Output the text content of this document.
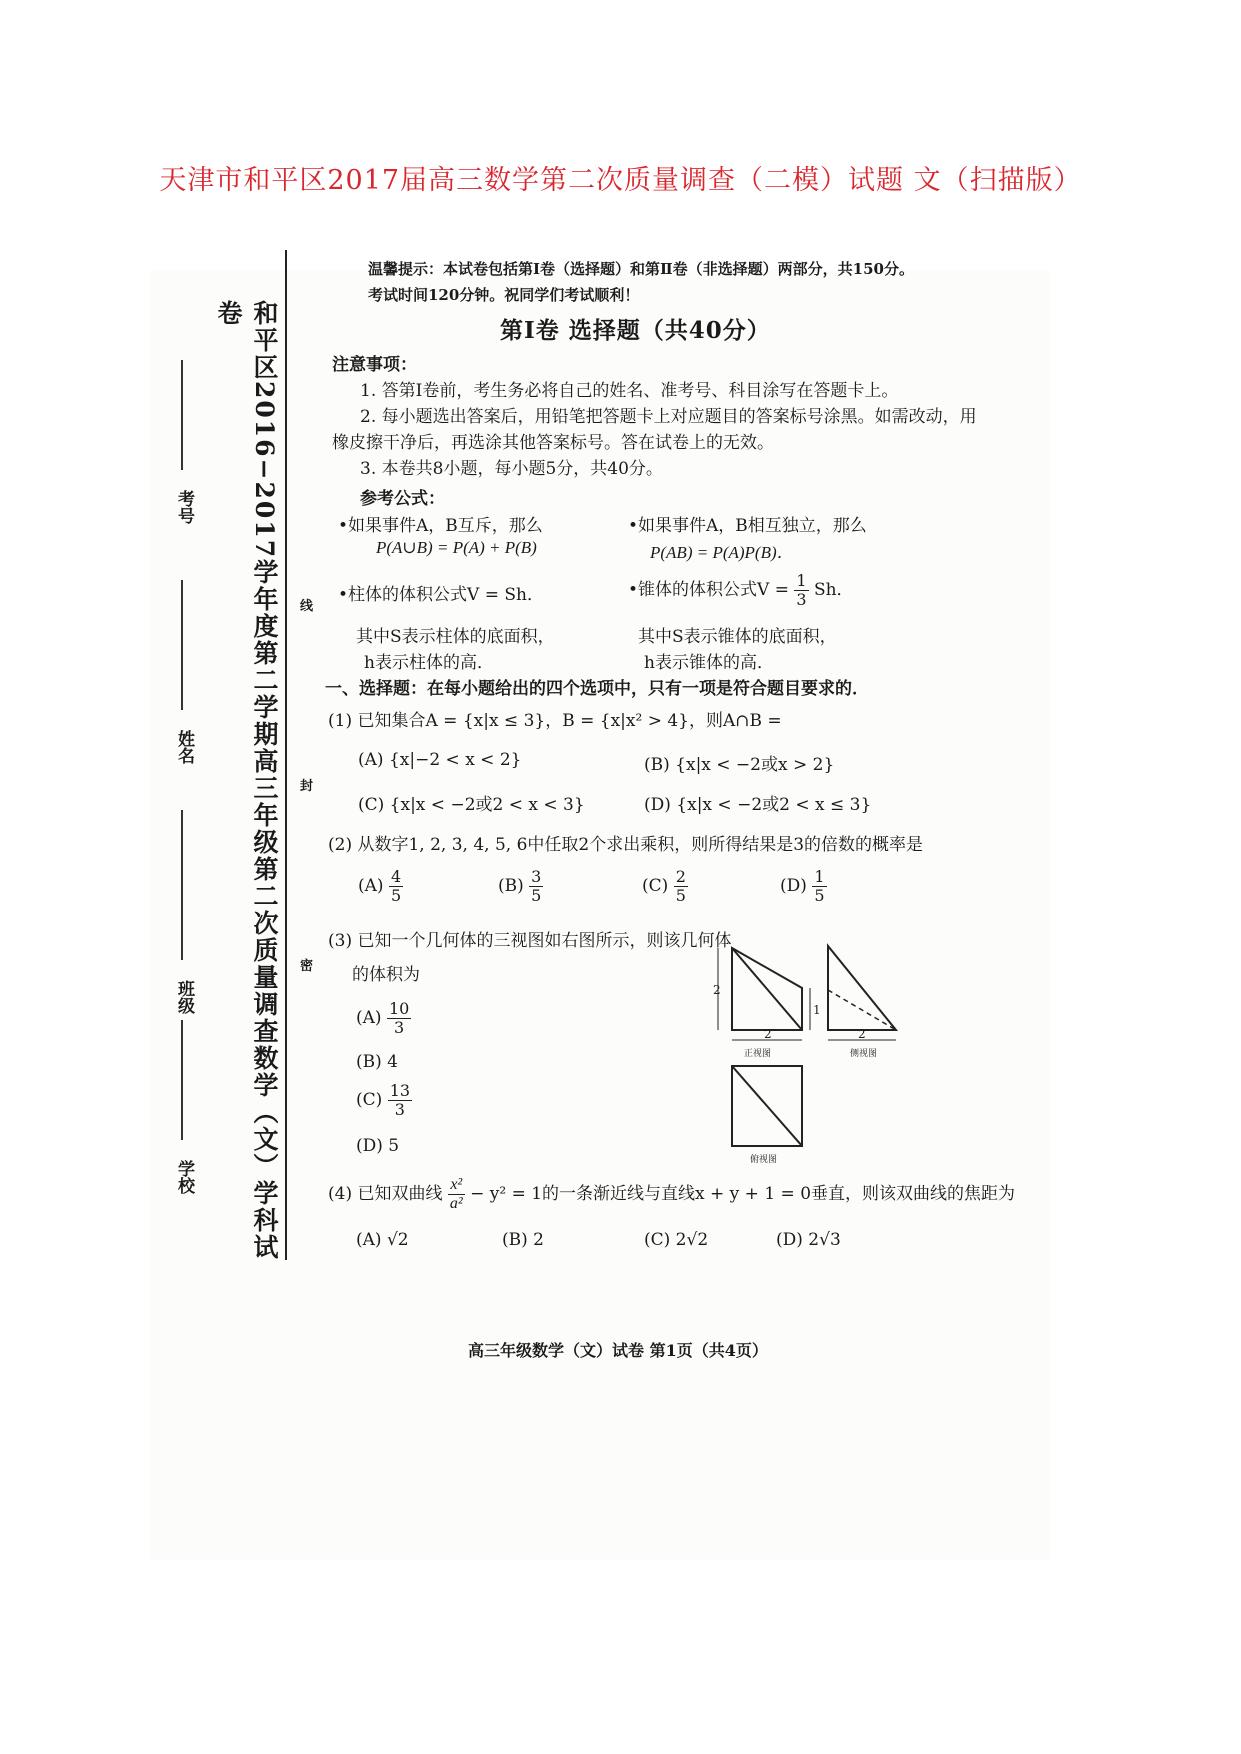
天津市和平区2017届高三数学第二次质量调查（二模）试题 文（扫描版）
和平区2016−2017学年度第二学期高三年级第二次质量调查数学（文）学科试卷
考号
姓名
班级
学校
线
封
密
温馨提示：本试卷包括第Ⅰ卷（选择题）和第Ⅱ卷（非选择题）两部分，共150分。
考试时间120分钟。祝同学们考试顺利！
第Ⅰ卷 选择题（共40分）
注意事项：
1. 答第Ⅰ卷前，考生务必将自己的姓名、准考号、科目涂写在答题卡上。
2. 每小题选出答案后，用铅笔把答题卡上对应题目的答案标号涂黑。如需改动，用
橡皮擦干净后，再选涂其他答案标号。答在试卷上的无效。
3. 本卷共8小题，每小题5分，共40分。
参考公式：
•如果事件A，B互斥，那么
P(A∪B) = P(A) + P(B)
•如果事件A，B相互独立，那么
P(AB) = P(A)P(B)．
•柱体的体积公式V = Sh．	•锥体的体积公式$V = \frac{1}{3}$ Sh．
其中S表示柱体的底面积，
h表示柱体的高．
其中S表示锥体的底面积，
h表示锥体的高．
一、选择题：在每小题给出的四个选项中，只有一项是符合题目要求的．
(1) 已知集合A = {x|x ≤ 3}，B = {x|x² > 4}，则A∩B =
(A) {x|−2 < x < 2}	(B) {x|x < −2或x > 2}
(C) {x|x < −2或2 < x < 3}	(D) {x|x < −2或2 < x ≤ 3}
(2) 从数字1, 2, 3, 4, 5, 6中任取2个求出乘积，则所得结果是3的倍数的概率是
$(A) \frac{4}{5}$	$(B) \frac{3}{5}$	$(C) \frac{2}{5}$	$(D) \frac{1}{5}$
(3) 已知一个几何体的三视图如右图所示，则该几何体
的体积为
$(A) \frac{10}{3}$
(B) 4
$(C) \frac{13}{3}$
(D) 5
2
1
2
正视图
2
侧视图
俯视图
(4) 已知双曲线 $\frac{\text{x²}}{\text{a²}} - y^2 = 1$的一条渐近线与直线x + y + 1 = 0垂直，则该双曲线的焦距为
(A) √2	(B) 2	(C) 2√2	(D) 2√3
高三年级数学（文）试卷 第1页（共4页）
